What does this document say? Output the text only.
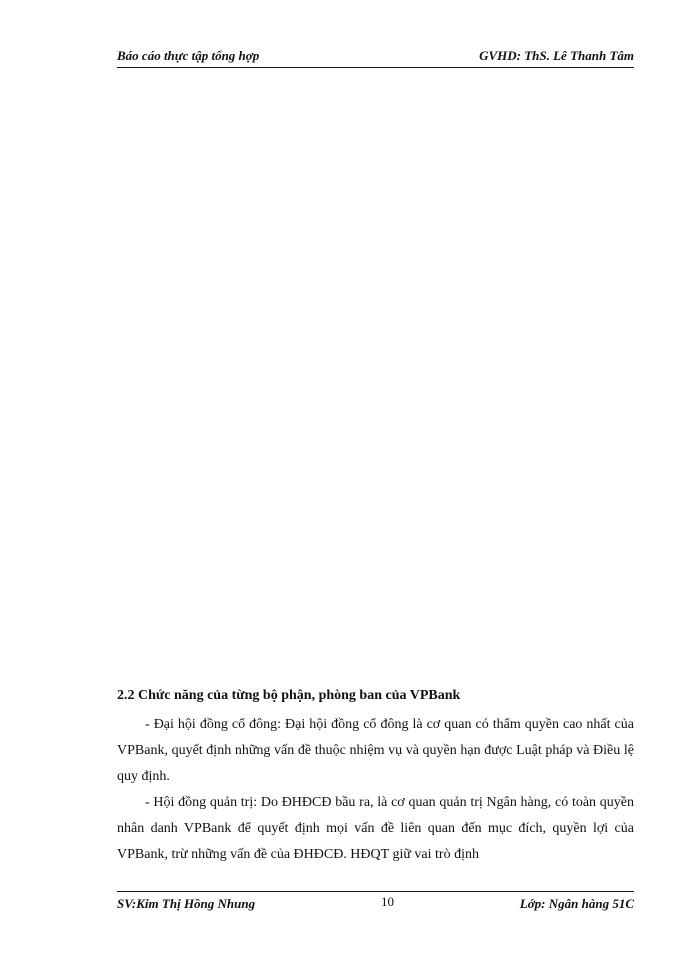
Báo cáo thực tập tổng hợp	GVHD: ThS. Lê Thanh Tâm

2.2 Chức năng của từng bộ phận, phòng ban của VPBank

- Đại hội đồng cổ đông: Đại hội đồng cổ đông là cơ quan có thẩm quyền cao nhất của VPBank, quyết định những vấn đề thuộc nhiệm vụ và quyền hạn được Luật pháp và Điều lệ quy định.

- Hội đồng quản trị: Do ĐHĐCĐ bầu ra, là cơ quan quản trị Ngân hàng, có toàn quyền nhân danh VPBank để quyết định mọi vấn đề liên quan đến mục đích, quyền lợi của VPBank, trừ những vấn đề của ĐHĐCĐ. HĐQT giữ vai trò định

SV:Kim Thị Hồng Nhung	10	Lớp: Ngân hàng 51C
